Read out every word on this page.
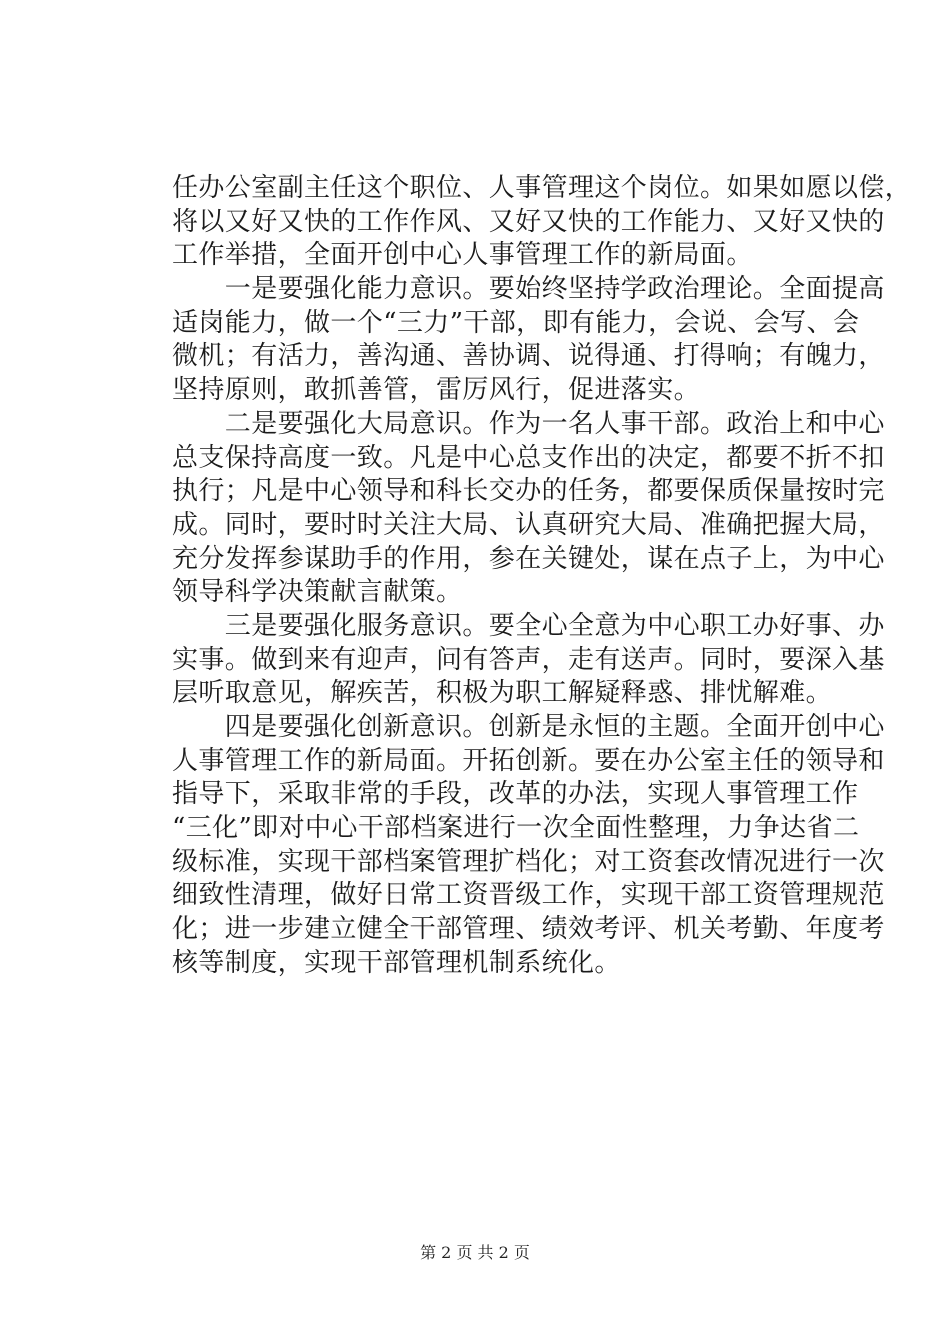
任办公室副主任这个职位、人事管理这个岗位。如果如愿以偿，
将以又好又快的工作作风、又好又快的工作能力、又好又快的
工作举措，全面开创中心人事管理工作的新局面。
　　一是要强化能力意识。要始终坚持学政治理论。全面提高
适岗能力，做一个“三力”干部，即有能力，会说、会写、会
微机；有活力，善沟通、善协调、说得通、打得响；有魄力，
坚持原则，敢抓善管，雷厉风行，促进落实。
　　二是要强化大局意识。作为一名人事干部。政治上和中心
总支保持高度一致。凡是中心总支作出的决定，都要不折不扣
执行；凡是中心领导和科长交办的任务，都要保质保量按时完
成。同时，要时时关注大局、认真研究大局、准确把握大局，
充分发挥参谋助手的作用，参在关键处，谋在点子上，为中心
领导科学决策献言献策。
　　三是要强化服务意识。要全心全意为中心职工办好事、办
实事。做到来有迎声，问有答声，走有送声。同时，要深入基
层听取意见，解疾苦，积极为职工解疑释惑、排忧解难。
　　四是要强化创新意识。创新是永恒的主题。全面开创中心
人事管理工作的新局面。开拓创新。要在办公室主任的领导和
指导下，采取非常的手段，改革的办法，实现人事管理工作
“三化”即对中心干部档案进行一次全面性整理，力争达省二
级标准，实现干部档案管理扩档化；对工资套改情况进行一次
细致性清理，做好日常工资晋级工作，实现干部工资管理规范
化；进一步建立健全干部管理、绩效考评、机关考勤、年度考
核等制度，实现干部管理机制系统化。
第 2 页 共 2 页
